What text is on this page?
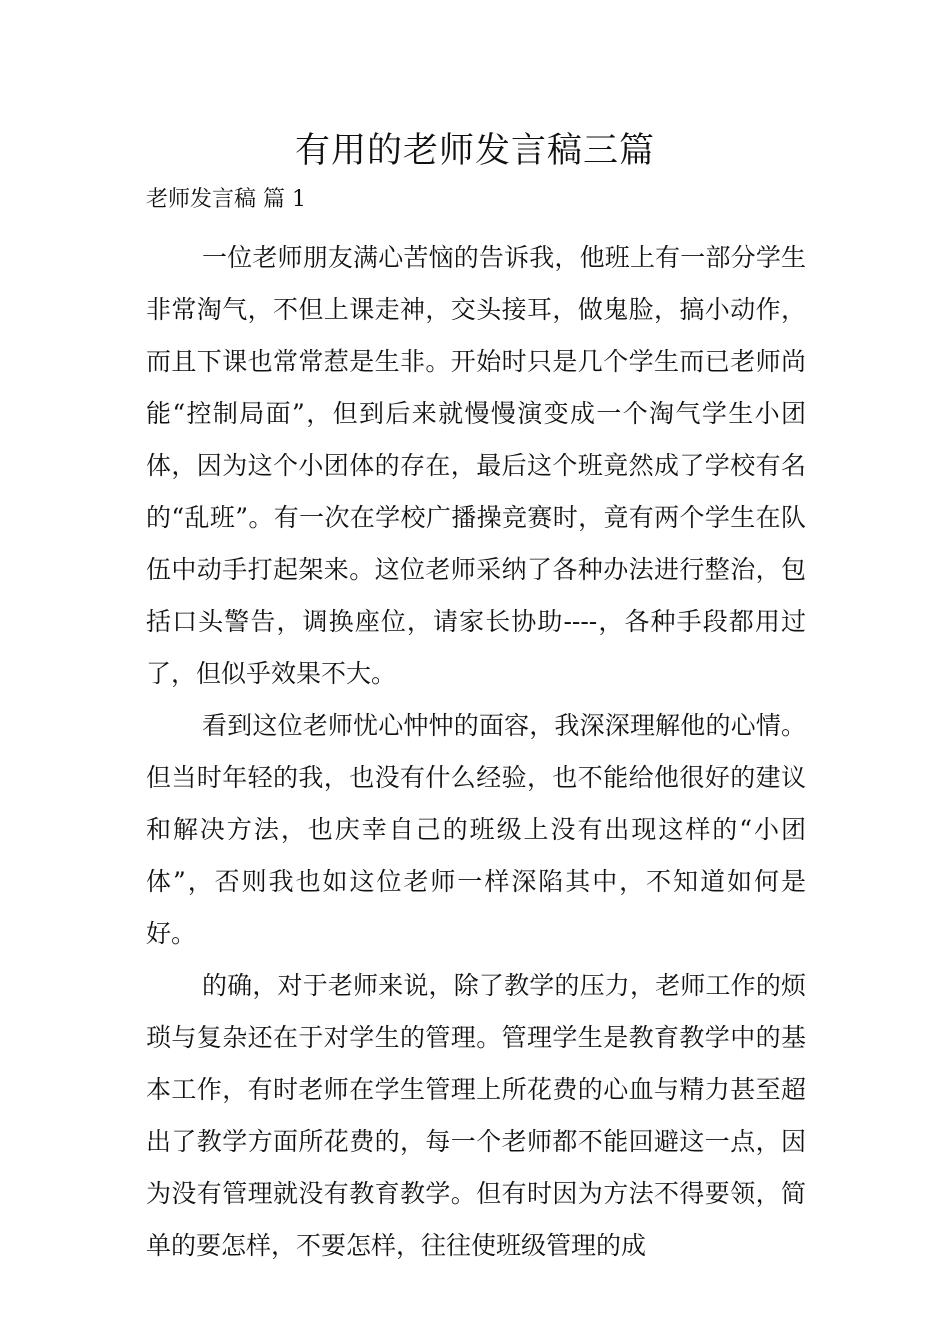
有用的老师发言稿三篇

老师发言稿 篇 1

一位老师朋友满心苦恼的告诉我，他班上有一部分学生非常淘气，不但上课走神，交头接耳，做鬼脸，搞小动作，而且下课也常常惹是生非。开始时只是几个学生而已老师尚能“控制局面”，但到后来就慢慢演变成一个淘气学生小团体，因为这个小团体的存在，最后这个班竟然成了学校有名的“乱班”。有一次在学校广播操竞赛时，竟有两个学生在队伍中动手打起架来。这位老师采纳了各种办法进行整治，包括口头警告，调换座位，请家长协助----，各种手段都用过了，但似乎效果不大。

看到这位老师忧心忡忡的面容，我深深理解他的心情。但当时年轻的我，也没有什么经验，也不能给他很好的建议和解决方法，也庆幸自己的班级上没有出现这样的“小团体”，否则我也如这位老师一样深陷其中，不知道如何是好。

的确，对于老师来说，除了教学的压力，老师工作的烦琐与复杂还在于对学生的管理。管理学生是教育教学中的基本工作，有时老师在学生管理上所花费的心血与精力甚至超出了教学方面所花费的，每一个老师都不能回避这一点，因为没有管理就没有教育教学。但有时因为方法不得要领，简单的要怎样，不要怎样，往往使班级管理的成
